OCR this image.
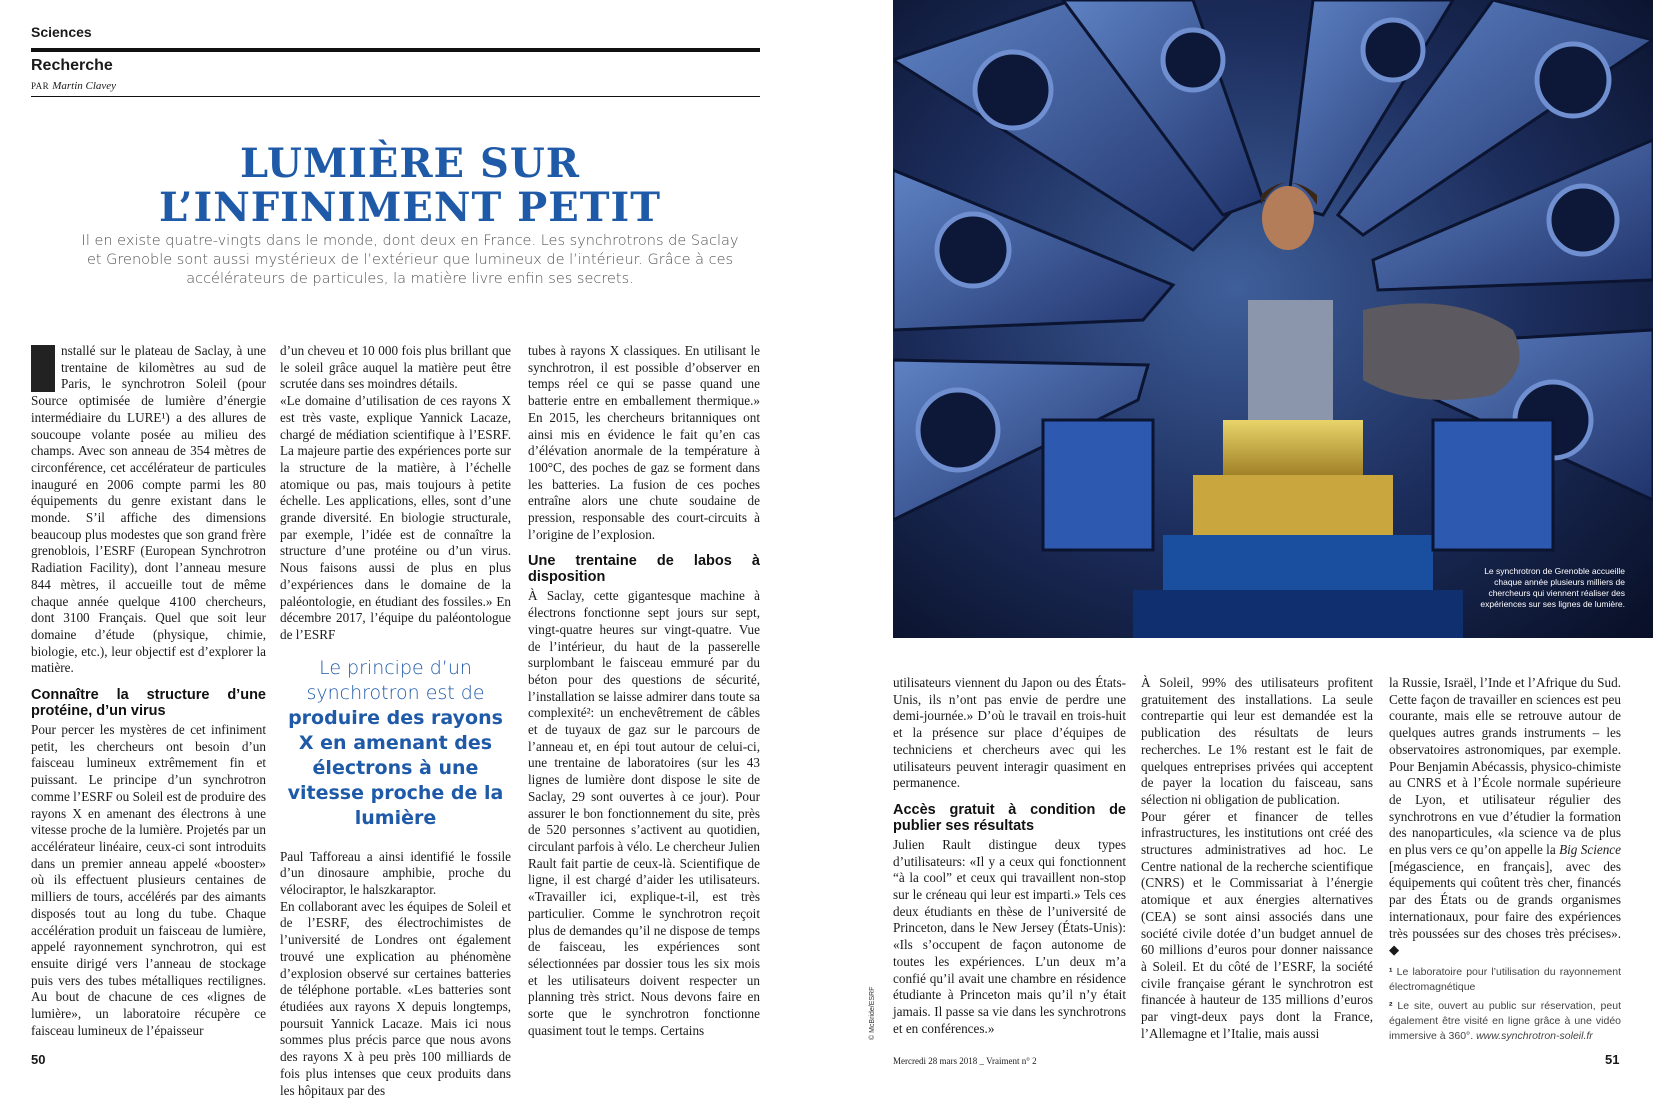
Sciences
Recherche
PAR Martin Clavey
LUMIÈRE SUR
L’INFINIMENT PETIT
Il en existe quatre-vingts dans le monde, dont deux en France. Les synchrotrons de Saclay et Grenoble sont aussi mystérieux de l’extérieur que lumineux de l’intérieur. Grâce à ces accélérateurs de particules, la matière livre enfin ses secrets.

nstallé sur le plateau de Saclay, à une trentaine de kilomètres au sud de Paris, le synchrotron Soleil (pour Source optimisée de lumière d’énergie intermédiaire du LURE¹) a des allures de soucoupe volante posée au milieu des champs. Avec son anneau de 354 mètres de circonférence, cet accélérateur de particules inauguré en 2006 compte parmi les 80 équipements du genre existant dans le monde. S’il affiche des dimensions beaucoup plus modestes que son grand frère grenoblois, l’ESRF (European Synchrotron Radiation Facility), dont l’anneau mesure 844 mètres, il accueille tout de même chaque année quelque 4100 chercheurs, dont 3100 Français. Quel que soit leur domaine d’étude (physique, chimie, biologie, etc.), leur objectif est d’explorer la matière.

Connaître la structure d’une protéine, d’un virus

Pour percer les mystères de cet infiniment petit, les chercheurs ont besoin d’un faisceau lumineux extrêmement fin et puissant. Le principe d’un synchrotron comme l’ESRF ou Soleil est de produire des rayons X en amenant des électrons à une vitesse proche de la lumière. Projetés par un accélérateur linéaire, ceux-ci sont introduits dans un premier anneau appelé «booster» où ils effectuent plusieurs centaines de milliers de tours, accélérés par des aimants disposés tout au long du tube. Chaque accélération produit un faisceau de lumière, appelé rayonnement synchrotron, qui est ensuite dirigé vers l’anneau de stockage puis vers des tubes métalliques rectilignes. Au bout de chacune de ces «lignes de lumière», un laboratoire récupère ce faisceau lumineux de l’épaisseur

d’un cheveu et 10 000 fois plus brillant que le soleil grâce auquel la matière peut être scrutée dans ses moindres détails.

«Le domaine d’utilisation de ces rayons X est très vaste, explique Yannick Lacaze, chargé de médiation scientifique à l’ESRF. La majeure partie des expériences porte sur la structure de la matière, à l’échelle atomique ou pas, mais toujours à petite échelle. Les applications, elles, sont d’une grande diversité. En biologie structurale, par exemple, l’idée est de connaître la structure d’une protéine ou d’un virus. Nous faisons aussi de plus en plus d’expériences dans le domaine de la paléontologie, en étudiant des fossiles.» En décembre 2017, l’équipe du paléontologue de l’ESRF

Le principe d’un synchrotron est de produire des rayons X en amenant des électrons à une vitesse proche de la lumière

Paul Tafforeau a ainsi identifié le fossile d’un dinosaure amphibie, proche du vélociraptor, le halszkaraptor.

En collaborant avec les équipes de Soleil et de l’ESRF, des électrochimistes de l’université de Londres ont également trouvé une explication au phénomène d’explosion observé sur certaines batteries de téléphone portable. «Les batteries sont étudiées aux rayons X depuis longtemps, poursuit Yannick Lacaze. Mais ici nous sommes plus précis parce que nous avons des rayons X à peu près 100 milliards de fois plus intenses que ceux produits dans les hôpitaux par des

tubes à rayons X classiques. En utilisant le synchrotron, il est possible d’observer en temps réel ce qui se passe quand une batterie entre en emballement thermique.» En 2015, les chercheurs britanniques ont ainsi mis en évidence le fait qu’en cas d’élévation anormale de la température à 100°C, des poches de gaz se forment dans les batteries. La fusion de ces poches entraîne alors une chute soudaine de pression, responsable des court-circuits à l’origine de l’explosion.

Une trentaine de labos à disposition

À Saclay, cette gigantesque machine à électrons fonctionne sept jours sur sept, vingt-quatre heures sur vingt-quatre. Vue de l’intérieur, du haut de la passerelle surplombant le faisceau emmuré par du béton pour des questions de sécurité, l’installation se laisse admirer dans toute sa complexité²: un enchevêtrement de câbles et de tuyaux de gaz sur le parcours de l’anneau et, en épi tout autour de celui-ci, une trentaine de laboratoires (sur les 43 lignes de lumière dont dispose le site de Saclay, 29 sont ouvertes à ce jour). Pour assurer le bon fonctionnement du site, près de 520 personnes s’activent au quotidien, circulant parfois à vélo. Le chercheur Julien Rault fait partie de ceux-là. Scientifique de ligne, il est chargé d’aider les utilisateurs. «Travailler ici, explique-t-il, est très particulier. Comme le synchrotron reçoit plus de demandes qu’il ne dispose de temps de faisceau, les expériences sont sélectionnées par dossier tous les six mois et les utilisateurs doivent respecter un planning très strict. Nous devons faire en sorte que le synchrotron fonctionne quasiment tout le temps. Certains

50
Le synchrotron de Grenoble accueille chaque année plusieurs milliers de chercheurs qui viennent réaliser des expériences sur ses lignes de lumière.
© McBride/ESRF

utilisateurs viennent du Japon ou des États-Unis, ils n’ont pas envie de perdre une demi-journée.» D’où le travail en trois-huit et la présence sur place d’équipes de techniciens et chercheurs avec qui les utilisateurs peuvent interagir quasiment en permanence.

Accès gratuit à condition de publier ses résultats

Julien Rault distingue deux types d’utilisateurs: «Il y a ceux qui fonctionnent “à la cool” et ceux qui travaillent non-stop sur le créneau qui leur est imparti.» Tels ces deux étudiants en thèse de l’université de Princeton, dans le New Jersey (États-Unis): «Ils s’occupent de façon autonome de toutes les expériences. L’un deux m’a confié qu’il avait une chambre en résidence étudiante à Princeton mais qu’il n’y était jamais. Il passe sa vie dans les synchrotrons et en conférences.»

À Soleil, 99% des utilisateurs profitent gratuitement des installations. La seule contrepartie qui leur est demandée est la publication des résultats de leurs recherches. Le 1% restant est le fait de quelques entreprises privées qui acceptent de payer la location du faisceau, sans sélection ni obligation de publication.

Pour gérer et financer de telles infrastructures, les institutions ont créé des structures administratives ad hoc. Le Centre national de la recherche scientifique (CNRS) et le Commissariat à l’énergie atomique et aux énergies alternatives (CEA) se sont ainsi associés dans une société civile dotée d’un budget annuel de 60 millions d’euros pour donner naissance à Soleil. Et du côté de l’ESRF, la société civile française gérant le synchrotron est financée à hauteur de 135 millions d’euros par vingt-deux pays dont la France, l’Allemagne et l’Italie, mais aussi

la Russie, Israël, l’Inde et l’Afrique du Sud. Cette façon de travailler en sciences est peu courante, mais elle se retrouve autour de quelques autres grands instruments – les observatoires astronomiques, par exemple. Pour Benjamin Abécassis, physico-chimiste au CNRS et à l’École normale supérieure de Lyon, et utilisateur régulier des synchrotrons en vue d’étudier la formation des nanoparticules, «la science va de plus en plus vers ce qu’on appelle la Big Science [mégascience, en français], avec des équipements qui coûtent très cher, financés par des États ou de grands organismes internationaux, pour faire des expériences très poussées sur des choses très précises». ◆

¹ Le laboratoire pour l’utilisation du rayonnement électromagnétique
² Le site, ouvert au public sur réservation, peut également être visité en ligne grâce à une vidéo immersive à 360°. www.synchrotron-soleil.fr
Mercredi 28 mars 2018 _ Vraiment n° 2	51
